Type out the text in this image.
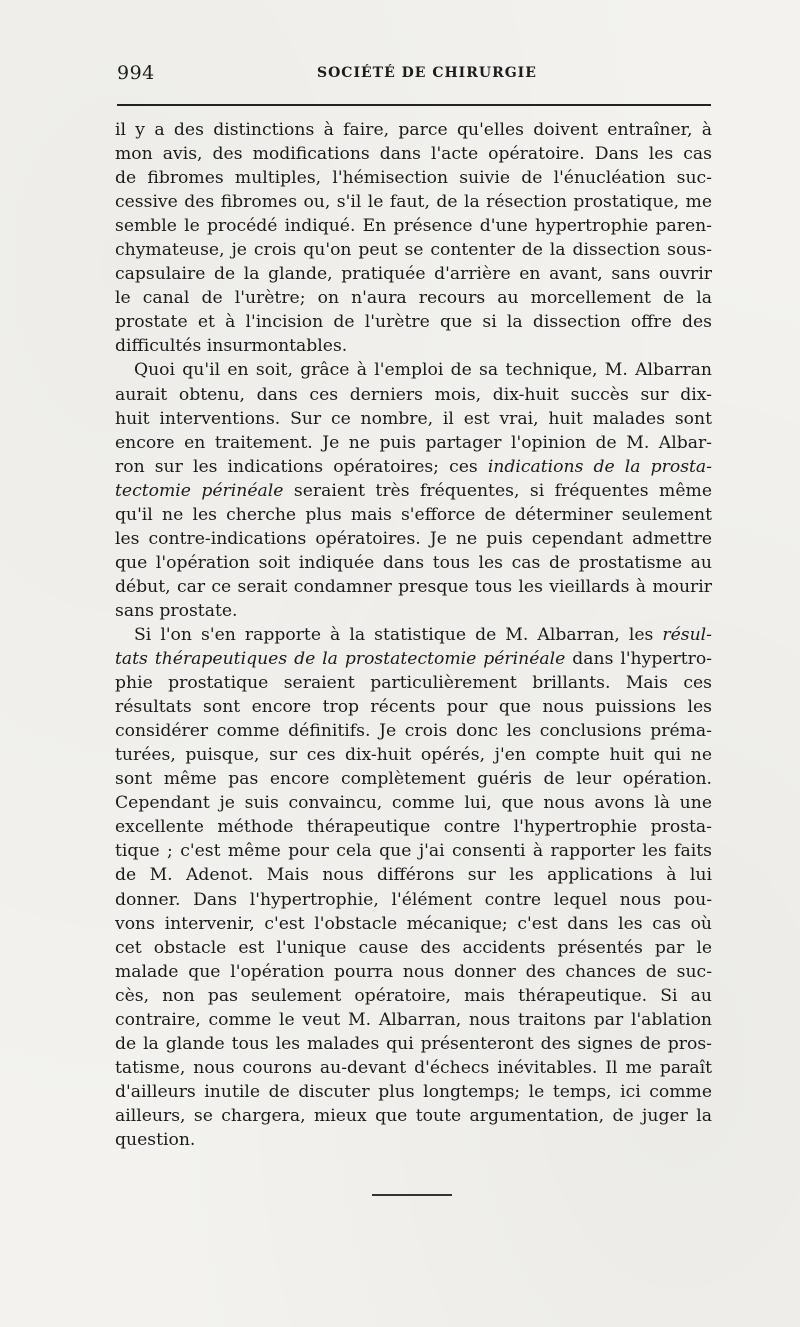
994	SOCIÉTÉ DE CHIRURGIE
il y a des distinctions à faire, parce qu'elles doivent entraîner, à
mon avis, des modifications dans l'acte opératoire. Dans les cas
de fibromes multiples, l'hémisection suivie de l'énucléation suc-
cessive des fibromes ou, s'il le faut, de la résection prostatique, me
semble le procédé indiqué. En présence d'une hypertrophie paren-
chymateuse, je crois qu'on peut se contenter de la dissection sous-
capsulaire de la glande, pratiquée d'arrière en avant, sans ouvrir
le canal de l'urètre; on n'aura recours au morcellement de la
prostate et à l'incision de l'urètre que si la dissection offre des
difficultés insurmontables.
Quoi qu'il en soit, grâce à l'emploi de sa technique, M. Albarran
aurait obtenu, dans ces derniers mois, dix-huit succès sur dix-
huit interventions. Sur ce nombre, il est vrai, huit malades sont
encore en traitement. Je ne puis partager l'opinion de M. Albar-
ron sur les indications opératoires; ces indications de la prosta-
tectomie périnéale seraient très fréquentes, si fréquentes même
qu'il ne les cherche plus mais s'efforce de déterminer seulement
les contre-indications opératoires. Je ne puis cependant admettre
que l'opération soit indiquée dans tous les cas de prostatisme au
début, car ce serait condamner presque tous les vieillards à mourir
sans prostate.
Si l'on s'en rapporte à la statistique de M. Albarran, les résul-
tats thérapeutiques de la prostatectomie périnéale dans l'hypertro-
phie prostatique seraient particulièrement brillants. Mais ces
résultats sont encore trop récents pour que nous puissions les
considérer comme définitifs. Je crois donc les conclusions préma-
turées, puisque, sur ces dix-huit opérés, j'en compte huit qui ne
sont même pas encore complètement guéris de leur opération.
Cependant je suis convaincu, comme lui, que nous avons là une
excellente méthode thérapeutique contre l'hypertrophie prosta-
tique ; c'est même pour cela que j'ai consenti à rapporter les faits
de M. Adenot. Mais nous différons sur les applications à lui
donner. Dans l'hypertrophie, l'élément contre lequel nous pou-
vons intervenir, c'est l'obstacle mécanique; c'est dans les cas où
cet obstacle est l'unique cause des accidents présentés par le
malade que l'opération pourra nous donner des chances de suc-
cès, non pas seulement opératoire, mais thérapeutique. Si au
contraire, comme le veut M. Albarran, nous traitons par l'ablation
de la glande tous les malades qui présenteront des signes de pros-
tatisme, nous courons au-devant d'échecs inévitables. Il me paraît
d'ailleurs inutile de discuter plus longtemps; le temps, ici comme
ailleurs, se chargera, mieux que toute argumentation, de juger la
question.
